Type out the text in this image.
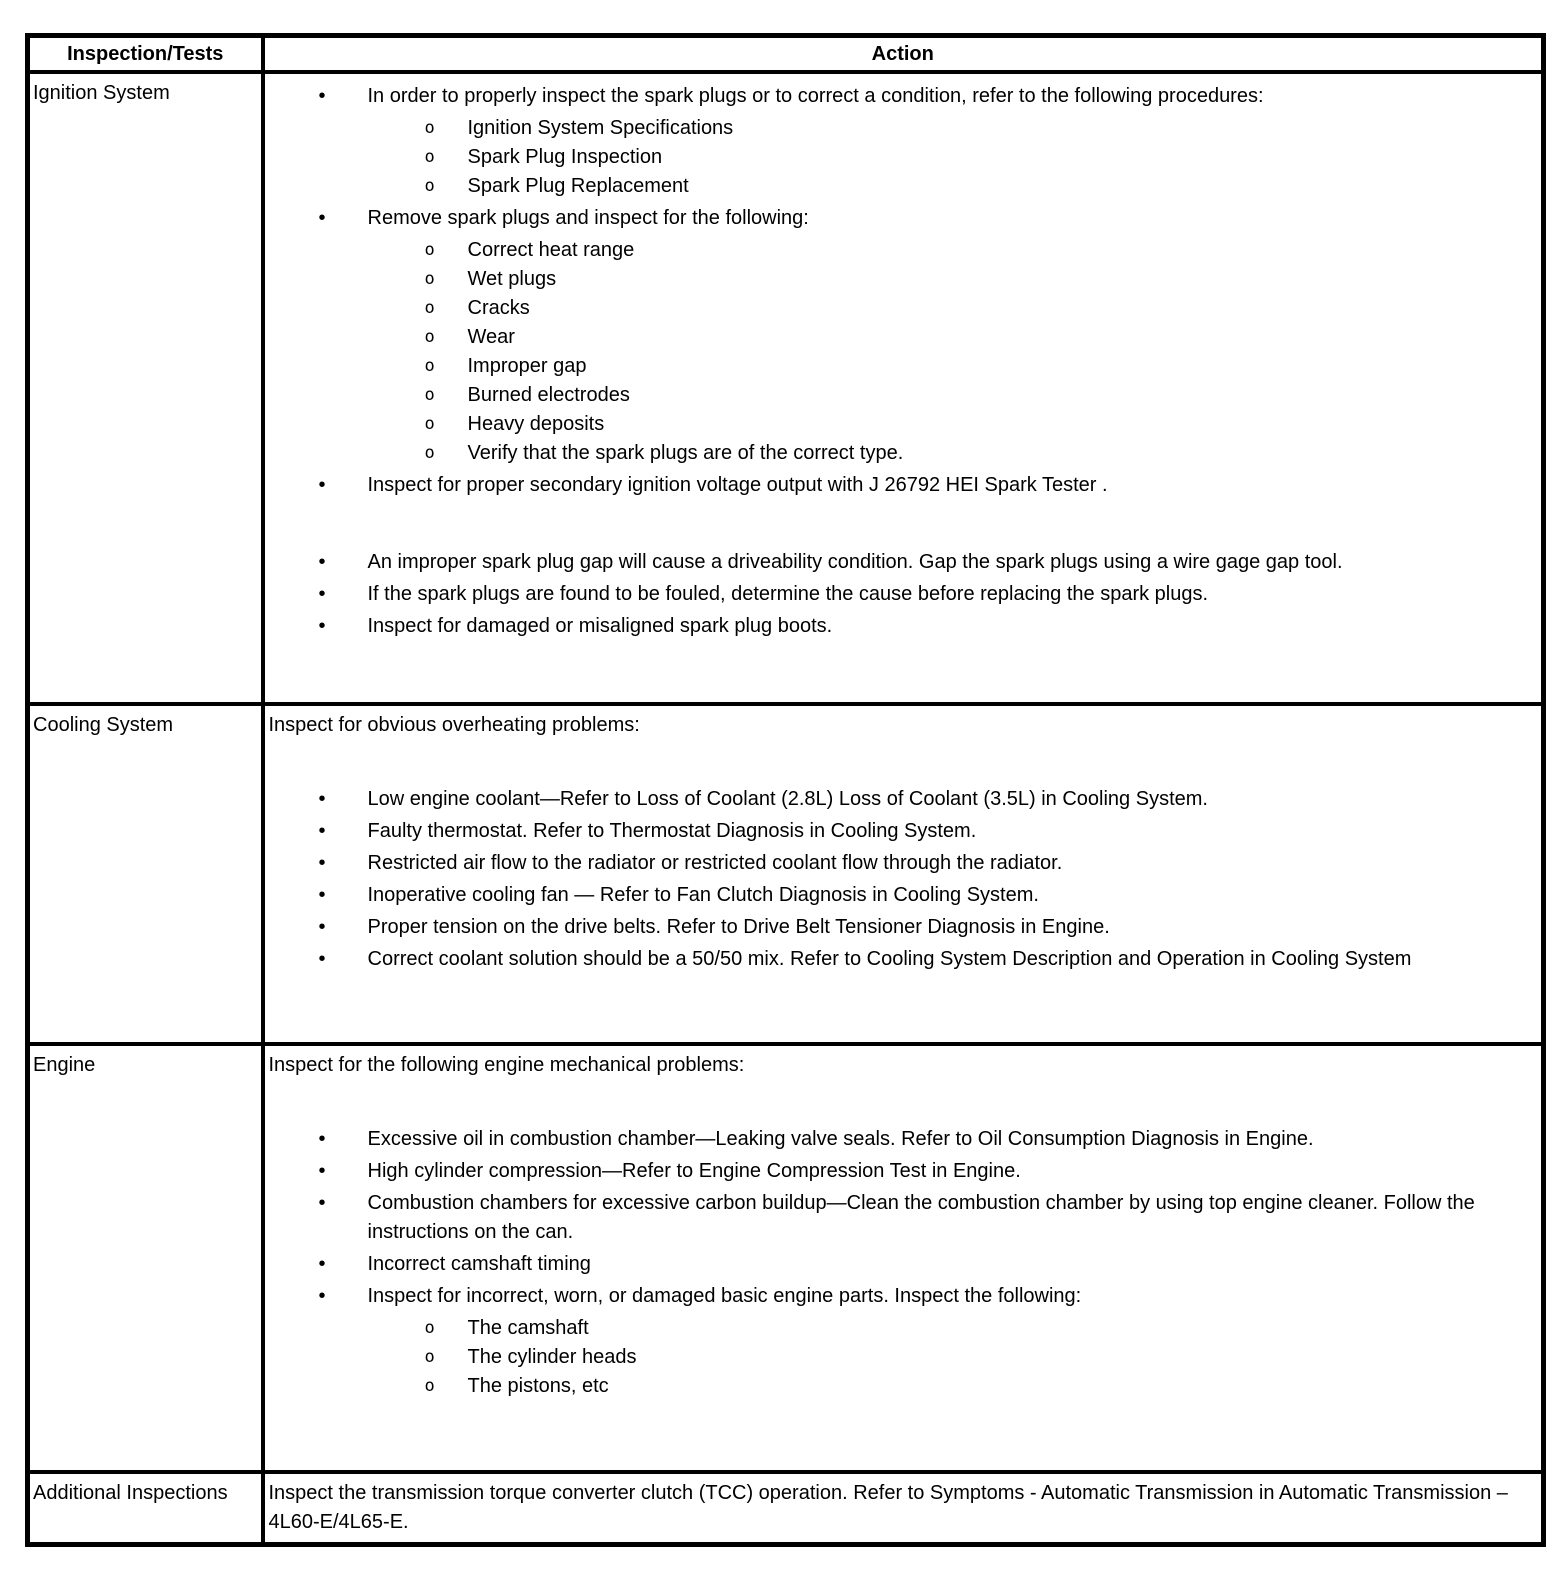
Inspection/Tests	Action
Ignition System	•	In order to properly inspect the spark plugs or to correct a condition, refer to the following procedures:
o	Ignition System Specifications
o	Spark Plug Inspection
o	Spark Plug Replacement
•	Remove spark plugs and inspect for the following:
o	Correct heat range
o	Wet plugs
o	Cracks
o	Wear
o	Improper gap
o	Burned electrodes
o	Heavy deposits
o	Verify that the spark plugs are of the correct type.
•	Inspect for proper secondary ignition voltage output with J 26792 HEI Spark Tester .
•	An improper spark plug gap will cause a driveability condition. Gap the spark plugs using a wire gage gap tool.
•	If the spark plugs are found to be fouled, determine the cause before replacing the spark plugs.
•	Inspect for damaged or misaligned spark plug boots.

Cooling System	Inspect for obvious overheating problems:
•	Low engine coolant—Refer to Loss of Coolant (2.8L) Loss of Coolant (3.5L) in Cooling System.
•	Faulty thermostat. Refer to Thermostat Diagnosis in Cooling System.
•	Restricted air flow to the radiator or restricted coolant flow through the radiator.
•	Inoperative cooling fan — Refer to Fan Clutch Diagnosis in Cooling System.
•	Proper tension on the drive belts. Refer to Drive Belt Tensioner Diagnosis in Engine.
•	Correct coolant solution should be a 50/50 mix. Refer to Cooling System Description and Operation in Cooling System

Engine	Inspect for the following engine mechanical problems:
•	Excessive oil in combustion chamber—Leaking valve seals. Refer to Oil Consumption Diagnosis in Engine.
•	High cylinder compression—Refer to Engine Compression Test in Engine.
•	Combustion chambers for excessive carbon buildup—Clean the combustion chamber by using top engine cleaner. Follow the instructions on the can.
•	Incorrect camshaft timing
•	Inspect for incorrect, worn, or damaged basic engine parts. Inspect the following:
o	The camshaft
o	The cylinder heads
o	The pistons, etc

Additional Inspections	Inspect the transmission torque converter clutch (TCC) operation. Refer to Symptoms - Automatic Transmission in Automatic Transmission – 4L60-E/4L65-E.
